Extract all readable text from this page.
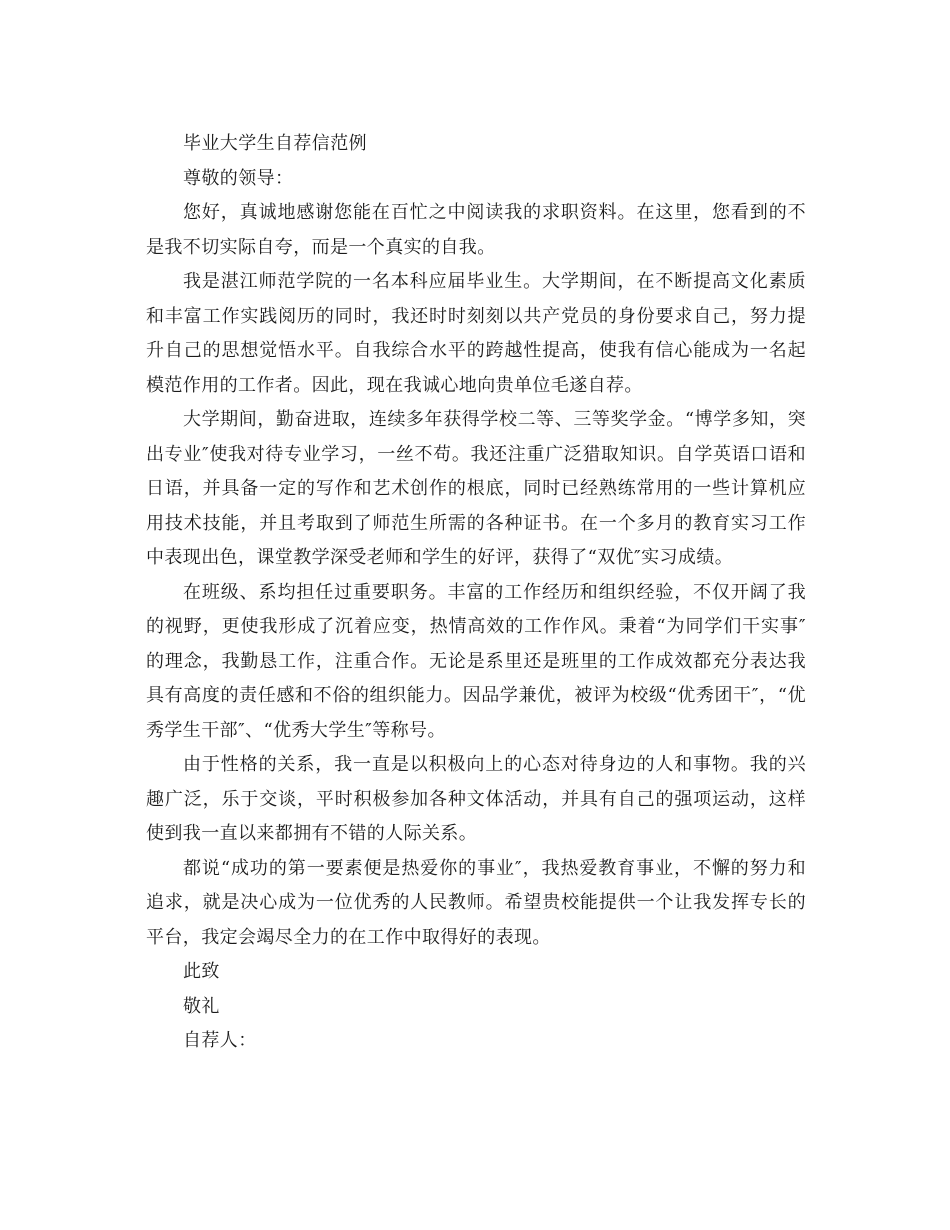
毕业大学生自荐信范例

尊敬的领导：

您好，真诚地感谢您能在百忙之中阅读我的求职资料。在这里，您看到的不是我不切实际自夸，而是一个真实的自我。

我是湛江师范学院的一名本科应届毕业生。大学期间，在不断提高文化素质和丰富工作实践阅历的同时，我还时时刻刻以共产党员的身份要求自己，努力提升自己的思想觉悟水平。自我综合水平的跨越性提高，使我有信心能成为一名起模范作用的工作者。因此，现在我诚心地向贵单位毛遂自荐。

大学期间，勤奋进取，连续多年获得学校二等、三等奖学金。“博学多知，突出专业″使我对待专业学习，一丝不苟。我还注重广泛猎取知识。自学英语口语和日语，并具备一定的写作和艺术创作的根底，同时已经熟练常用的一些计算机应用技术技能，并且考取到了师范生所需的各种证书。在一个多月的教育实习工作中表现出色，课堂教学深受老师和学生的好评，获得了“双优″实习成绩。

在班级、系均担任过重要职务。丰富的工作经历和组织经验，不仅开阔了我的视野，更使我形成了沉着应变，热情高效的工作作风。秉着“为同学们干实事″的理念，我勤恳工作，注重合作。无论是系里还是班里的工作成效都充分表达我具有高度的责任感和不俗的组织能力。因品学兼优，被评为校级“优秀团干″，“优秀学生干部″、“优秀大学生″等称号。

由于性格的关系，我一直是以积极向上的心态对待身边的人和事物。我的兴趣广泛，乐于交谈，平时积极参加各种文体活动，并具有自己的强项运动，这样使到我一直以来都拥有不错的人际关系。

都说“成功的第一要素便是热爱你的事业″，我热爱教育事业，不懈的努力和追求，就是决心成为一位优秀的人民教师。希望贵校能提供一个让我发挥专长的平台，我定会竭尽全力的在工作中取得好的表现。

此致

敬礼

自荐人：
